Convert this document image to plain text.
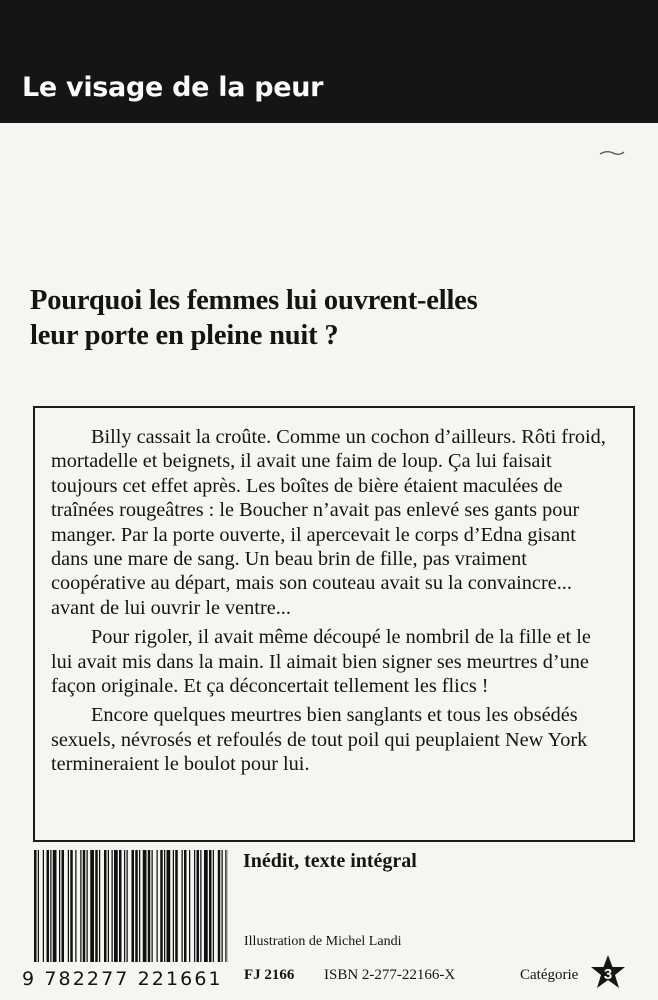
Le visage de la peur
Pourquoi les femmes lui ouvrent-elles
leur porte en pleine nuit ?

Billy cassait la croûte. Comme un cochon d’ailleurs. Rôti froid, mortadelle et beignets, il avait une faim de loup. Ça lui faisait toujours cet effet après. Les boîtes de bière étaient maculées de traînées rougeâtres : le Boucher n’avait pas enlevé ses gants pour manger. Par la porte ouverte, il apercevait le corps d’Edna gisant dans une mare de sang. Un beau brin de fille, pas vraiment coopérative au départ, mais son couteau avait su la convaincre... avant de lui ouvrir le ventre...

Pour rigoler, il avait même découpé le nombril de la fille et le lui avait mis dans la main. Il aimait bien signer ses meurtres d’une façon originale. Et ça déconcertait tellement les flics !

Encore quelques meurtres bien sanglants et tous les obsédés sexuels, névrosés et refoulés de tout poil qui peuplaient New York termineraient le boulot pour lui.

9 782277 221661
Inédit, texte intégral
Illustration de Michel Landi
FJ 2166 ISBN 2-277-22166-X	Catégorie 3
